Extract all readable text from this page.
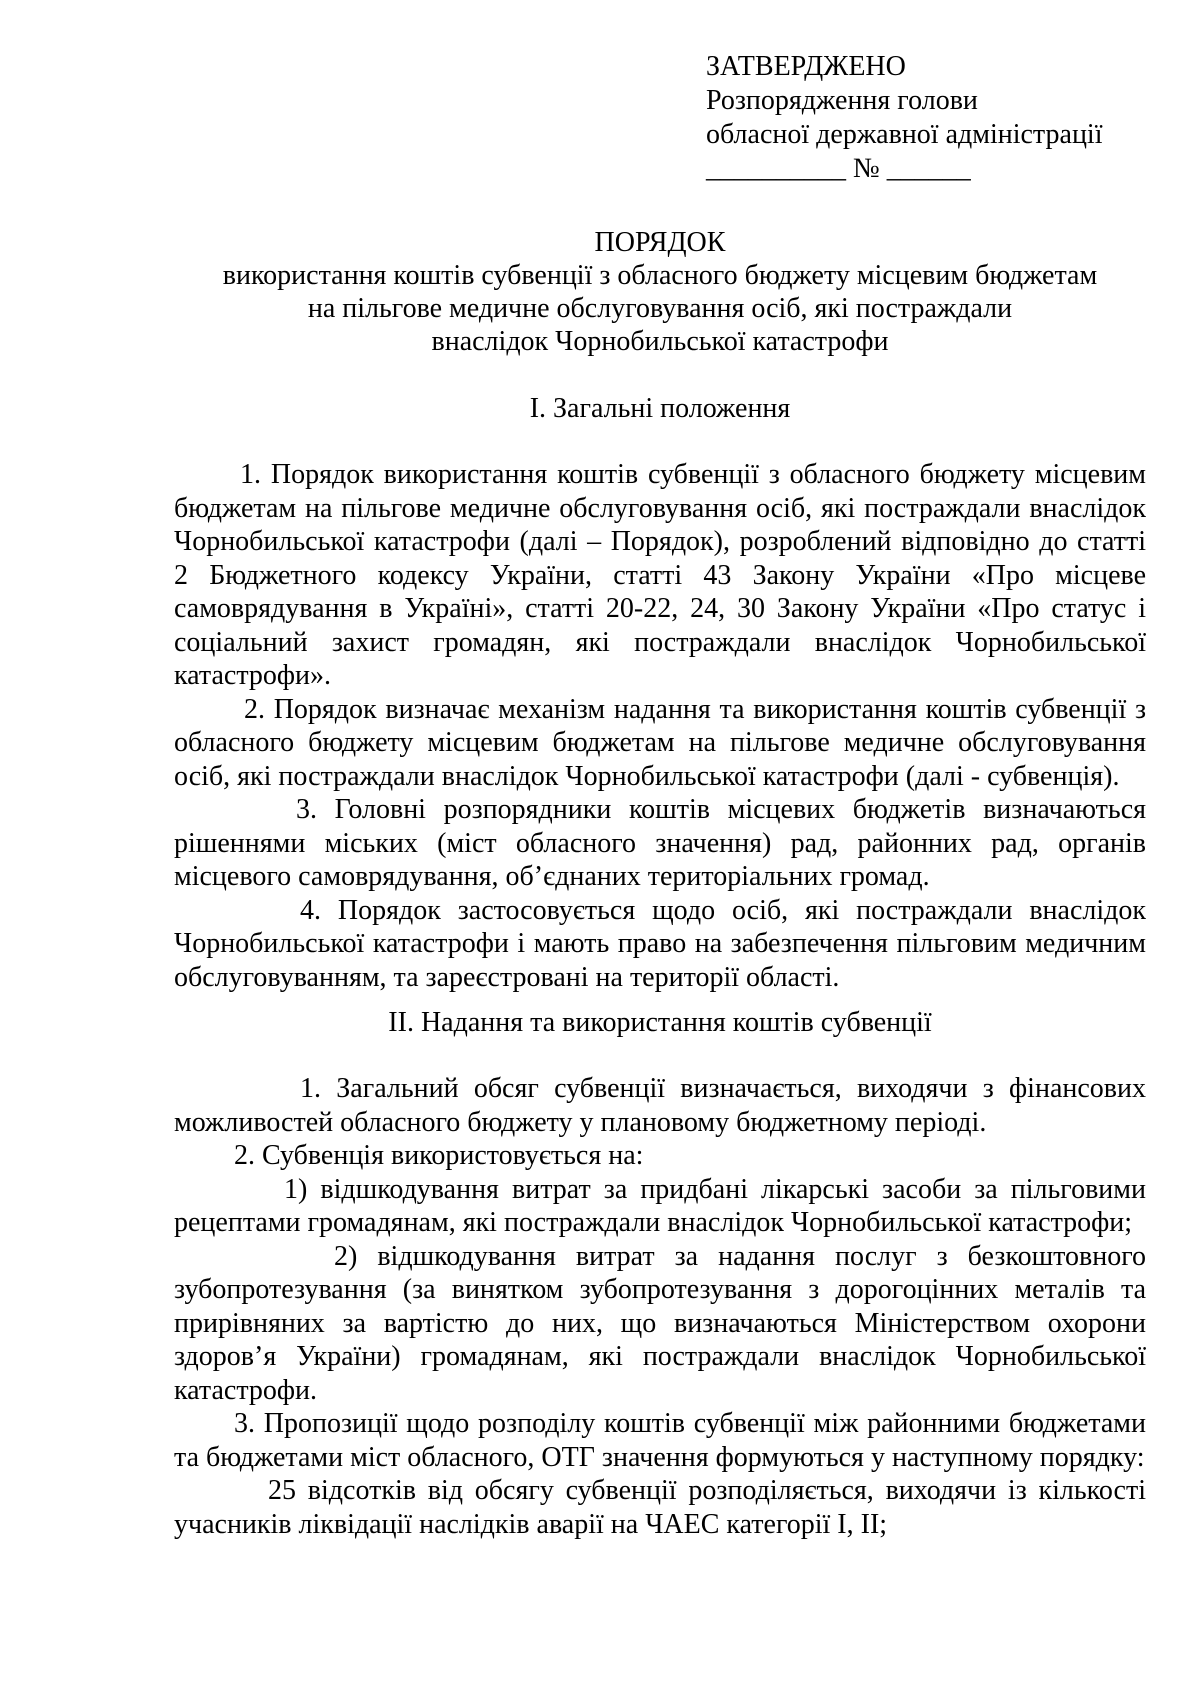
ЗАТВЕРДЖЕНО
Розпорядження голови
обласної державної адміністрації
__________ № ______
ПОРЯДОК
використання коштів субвенції з обласного бюджету місцевим бюджетам
на пільгове медичне обслуговування осіб, які постраждали
внаслідок Чорнобильської катастрофи
І. Загальні положення

1. Порядок використання коштів субвенції з обласного бюджету місцевим бюджетам на пільгове медичне обслуговування осіб, які постраждали внаслідок Чорнобильської катастрофи (далі – Порядок), розроблений відповідно до статті 2 Бюджетного кодексу України, статті 43 Закону України «Про місцеве самоврядування в Україні», статті 20-22, 24, 30 Закону України «Про статус і соціальний захист громадян, які постраждали внаслідок Чорнобильської катастрофи».

2. Порядок визначає механізм надання та використання коштів субвенції з обласного бюджету місцевим бюджетам на пільгове медичне обслуговування осіб, які постраждали внаслідок Чорнобильської катастрофи (далі - субвенція).

3. Головні розпорядники коштів місцевих бюджетів визначаються рішеннями міських (міст обласного значення) рад, районних рад, органів місцевого самоврядування, об’єднаних територіальних громад.

4. Порядок застосовується щодо осіб, які постраждали внаслідок Чорнобильської катастрофи і мають право на забезпечення пільговим медичним обслуговуванням, та зареєстровані на території області.

ІІ. Надання та використання коштів субвенції

1. Загальний обсяг субвенції визначається, виходячи з фінансових можливостей обласного бюджету у плановому бюджетному періоді.

2. Субвенція використовується на:

1) відшкодування витрат за придбані лікарські засоби за пільговими рецептами громадянам, які постраждали внаслідок Чорнобильської катастрофи;

2) відшкодування витрат за надання послуг з безкоштовного зубопротезування (за винятком зубопротезування з дорогоцінних металів та прирівняних за вартістю до них, що визначаються Міністерством охорони здоров’я України) громадянам, які постраждали внаслідок Чорнобильської катастрофи.

3. Пропозиції щодо розподілу коштів субвенції між районними бюджетами та бюджетами міст обласного, ОТГ значення формуються у наступному порядку:

25 відсотків від обсягу субвенції розподіляється, виходячи із кількості учасників ліквідації наслідків аварії на ЧАЕС категорії І, ІІ;
